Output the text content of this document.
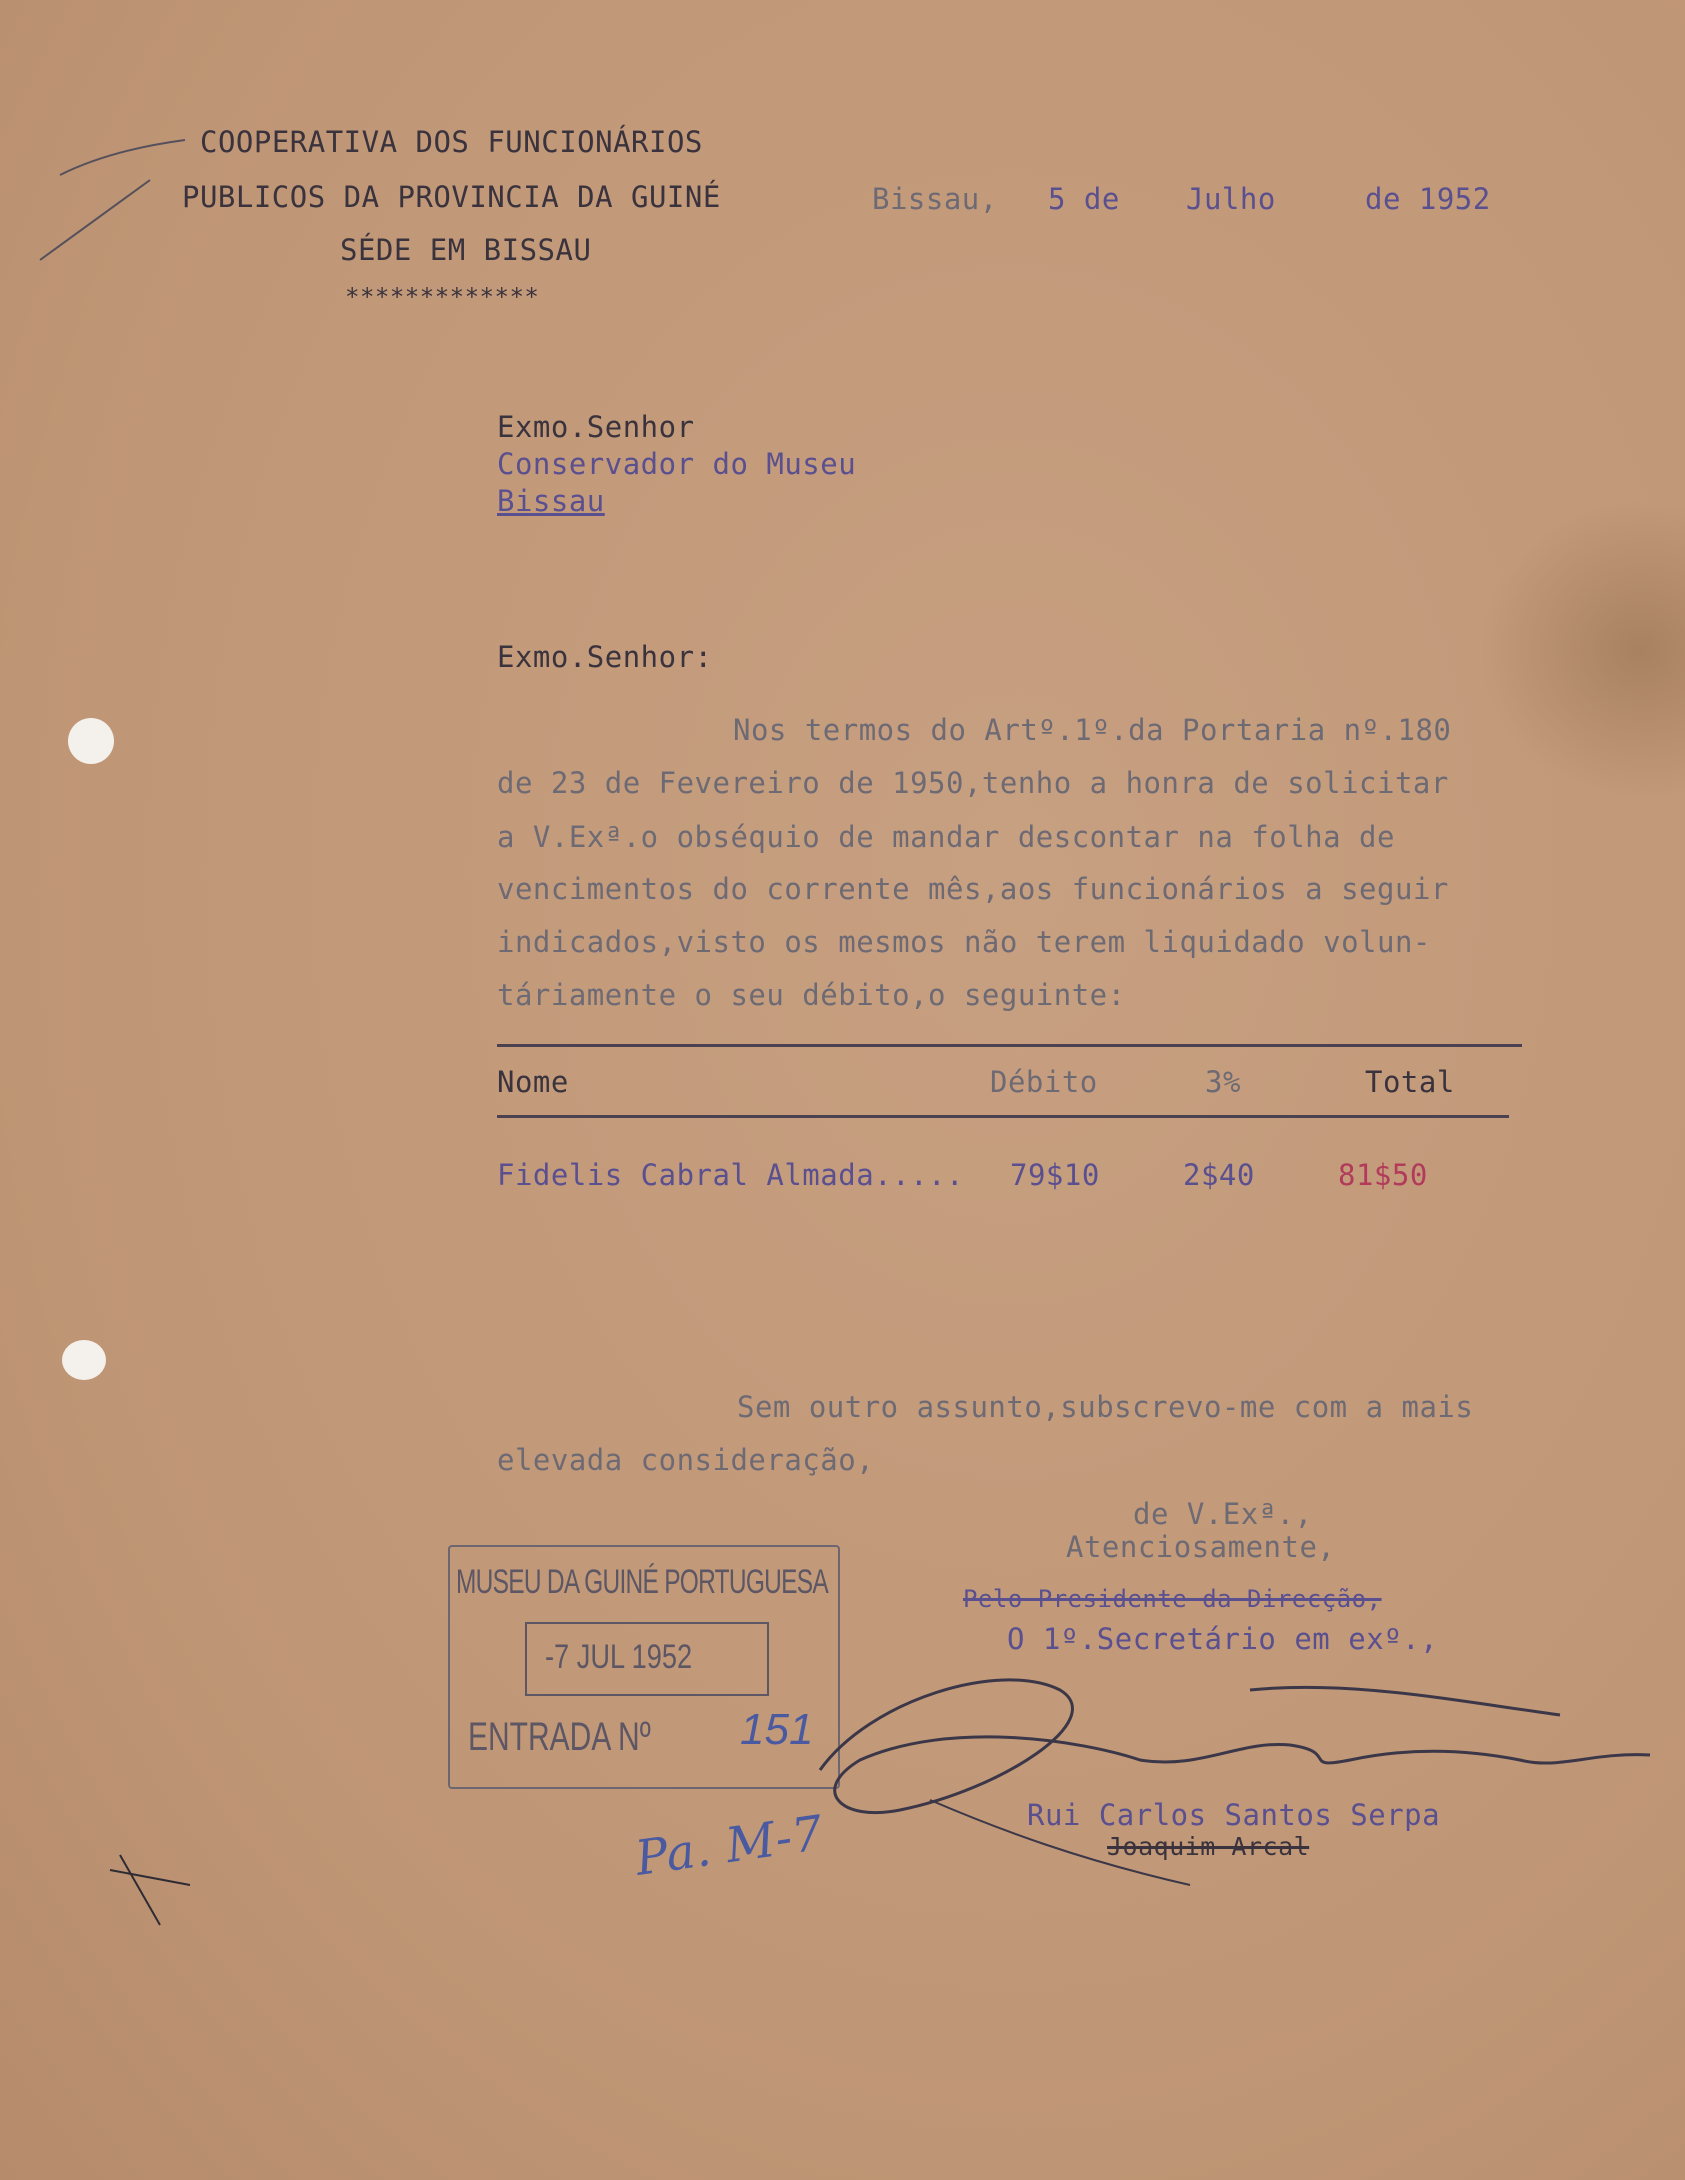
COOPERATIVA DOS FUNCIONÁRIOS
PUBLICOS DA PROVINCIA DA GUINÉ
SÉDE EM BISSAU
*************
Bissau, 5 de Julho	de 1952
Exmo.Senhor
Conservador do Museu
Bissau
Exmo.Senhor:
Nos termos do Artº.1º.da Portaria nº.180
de 23 de Fevereiro de 1950,tenho a honra de solicitar
a V.Exª.o obséquio de mandar descontar na folha de
vencimentos do corrente mês,aos funcionários a seguir
indicados,visto os mesmos não terem liquidado volun-
táriamente o seu débito,o seguinte:
Nome	Débito	3%	Total
Fidelis Cabral Almada..... 79$10	2$40	81$50
Sem outro assunto,subscrevo-me com a mais
elevada consideração,
de V.Exª.,
Atenciosamente,
Pelo Presidente da Direcção,
O 1º.Secretário em exº.,
Rui Carlos Santos Serpa
Joaquim Arcal
MUSEU DA GUINÉ PORTUGUESA
-7 JUL 1952
ENTRADA Nº 151
Pa. M-7
